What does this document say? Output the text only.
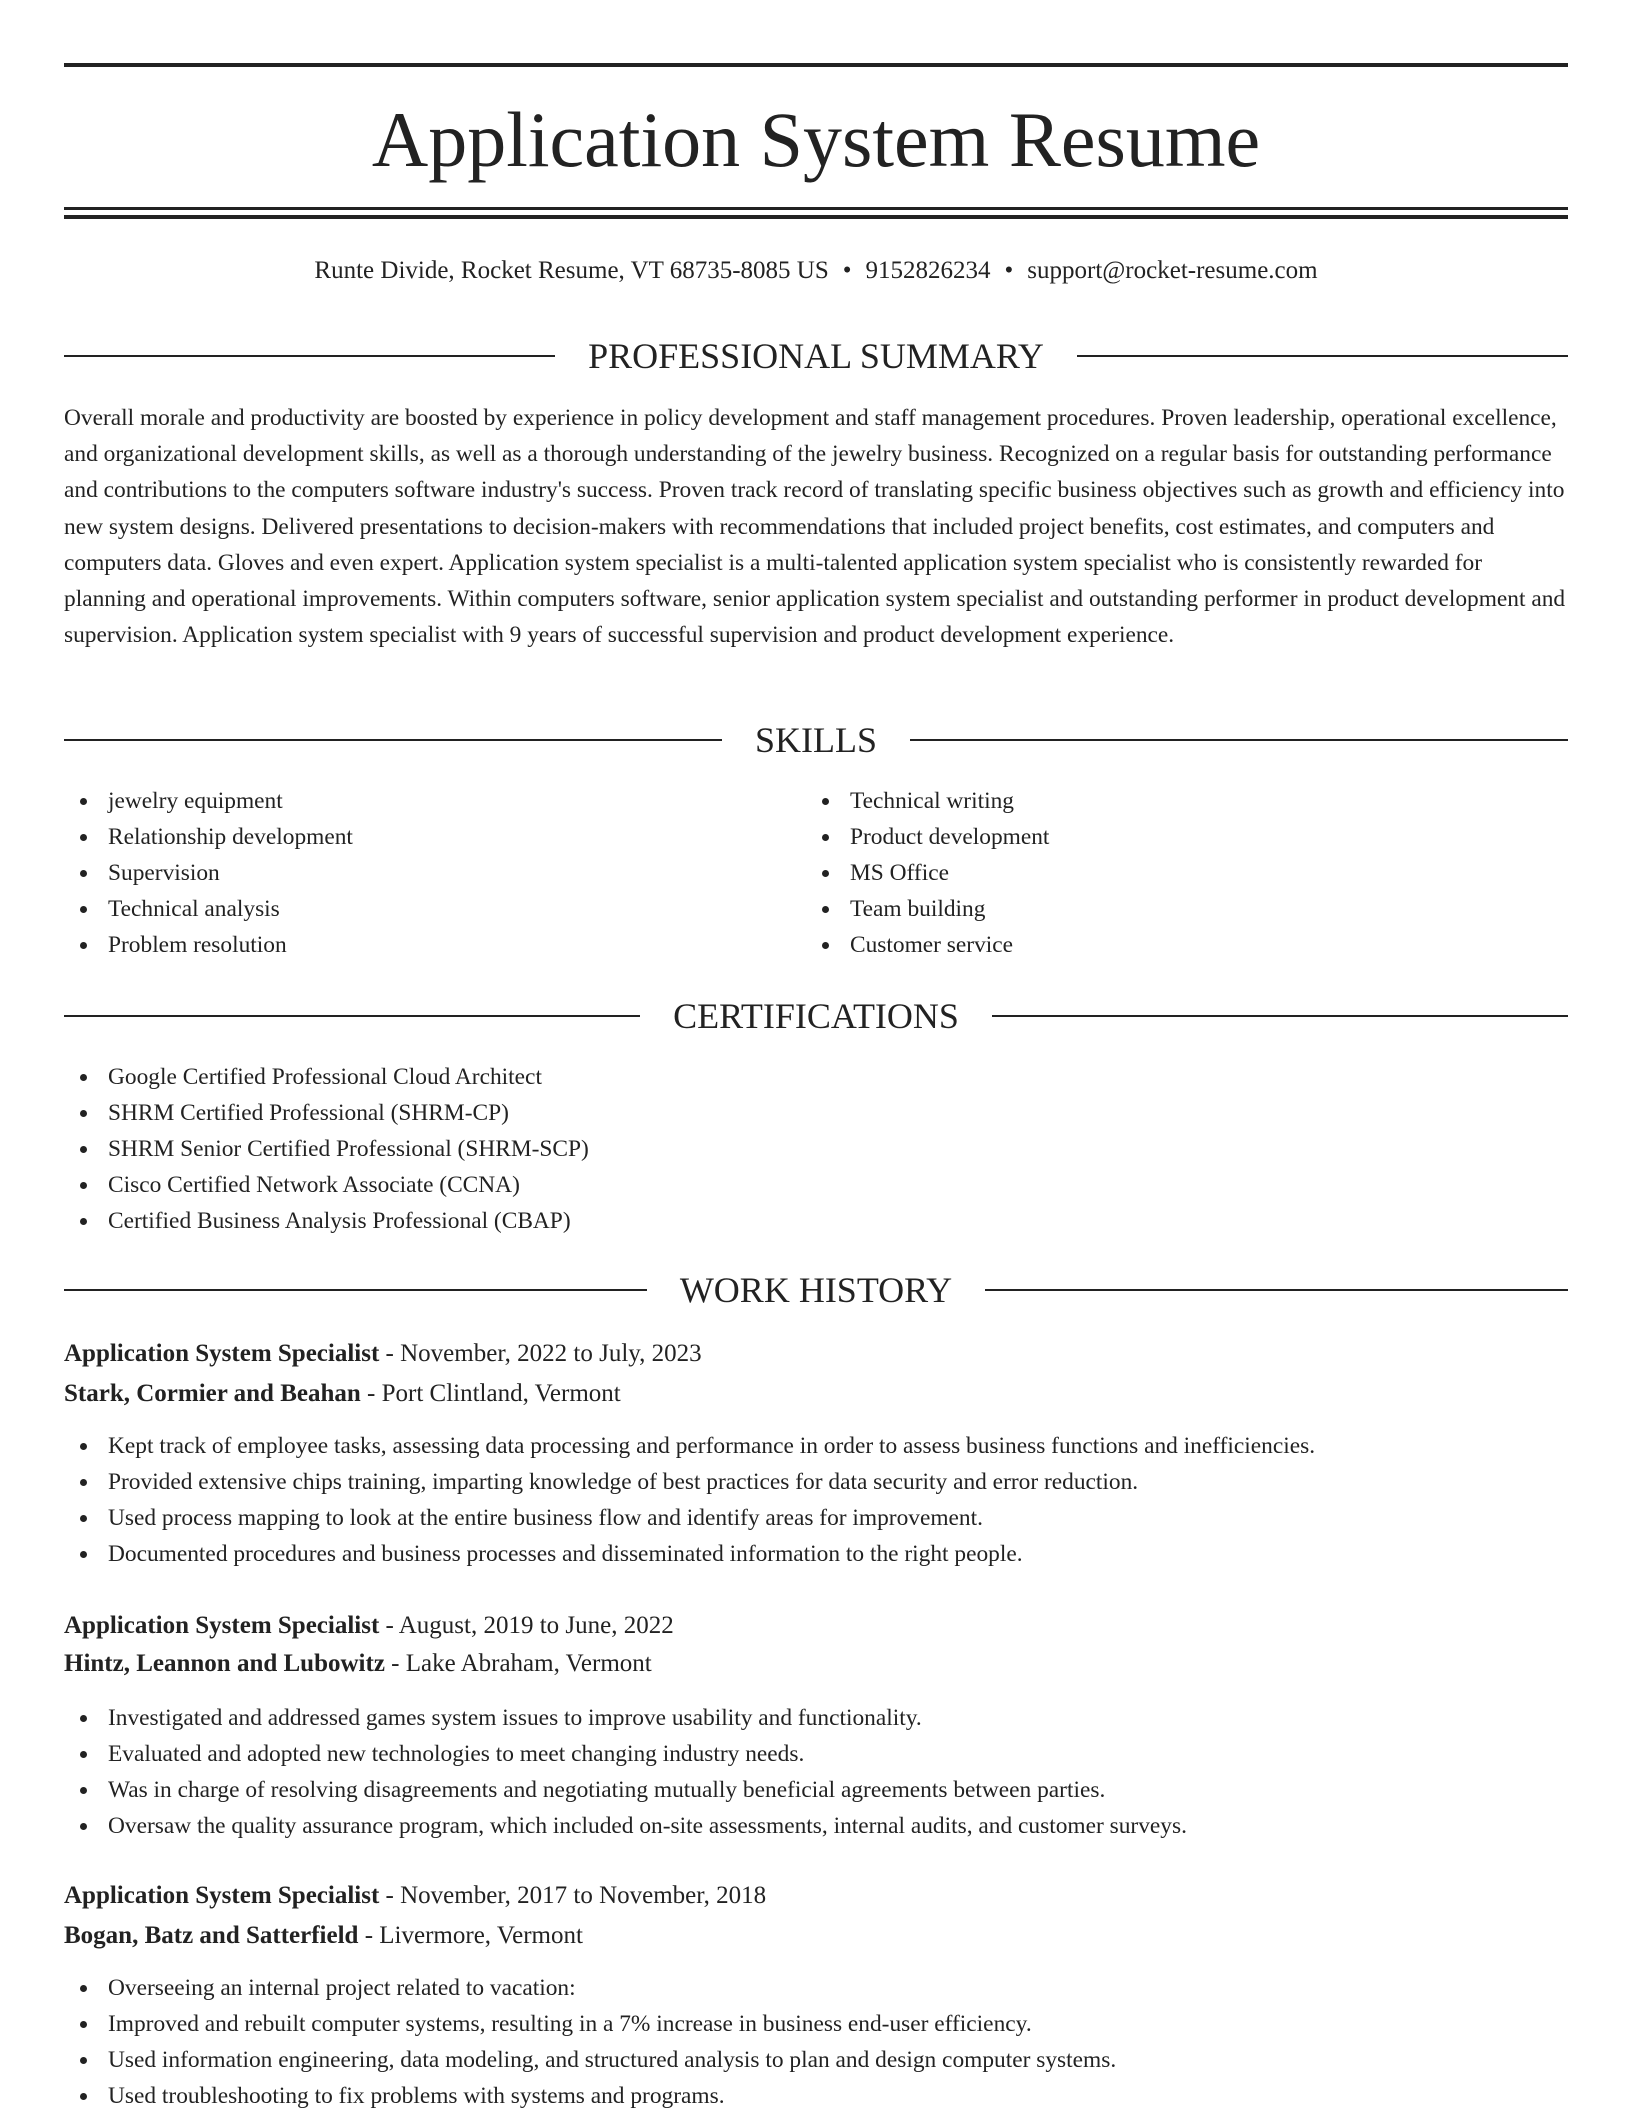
Application System Resume
Runte Divide, Rocket Resume, VT 68735-8085 US • 9152826234 • support@rocket-resume.com
PROFESSIONAL SUMMARY

Overall morale and productivity are boosted by experience in policy development and staff management procedures. Proven leadership, operational excellence, and organizational development skills, as well as a thorough understanding of the jewelry business. Recognized on a regular basis for outstanding performance and contributions to the computers software industry's success. Proven track record of translating specific business objectives such as growth and efficiency into new system designs. Delivered presentations to decision-makers with recommendations that included project benefits, cost estimates, and computers and computers data. Gloves and even expert. Application system specialist is a multi-talented application system specialist who is consistently rewarded for planning and operational improvements. Within computers software, senior application system specialist and outstanding performer in product development and supervision. Application system specialist with 9 years of successful supervision and product development experience.

SKILLS
jewelry equipment
Relationship development
Supervision
Technical analysis
Problem resolution
Technical writing
Product development
MS Office
Team building
Customer service
CERTIFICATIONS
Google Certified Professional Cloud Architect
SHRM Certified Professional (SHRM-CP)
SHRM Senior Certified Professional (SHRM-SCP)
Cisco Certified Network Associate (CCNA)
Certified Business Analysis Professional (CBAP)
WORK HISTORY
Application System Specialist - November, 2022 to July, 2023
Stark, Cormier and Beahan - Port Clintland, Vermont
Kept track of employee tasks, assessing data processing and performance in order to assess business functions and inefficiencies.
Provided extensive chips training, imparting knowledge of best practices for data security and error reduction.
Used process mapping to look at the entire business flow and identify areas for improvement.
Documented procedures and business processes and disseminated information to the right people.
Application System Specialist - August, 2019 to June, 2022
Hintz, Leannon and Lubowitz - Lake Abraham, Vermont
Investigated and addressed games system issues to improve usability and functionality.
Evaluated and adopted new technologies to meet changing industry needs.
Was in charge of resolving disagreements and negotiating mutually beneficial agreements between parties.
Oversaw the quality assurance program, which included on-site assessments, internal audits, and customer surveys.
Application System Specialist - November, 2017 to November, 2018
Bogan, Batz and Satterfield - Livermore, Vermont
Overseeing an internal project related to vacation:
Improved and rebuilt computer systems, resulting in a 7% increase in business end-user efficiency.
Used information engineering, data modeling, and structured analysis to plan and design computer systems.
Used troubleshooting to fix problems with systems and programs.
